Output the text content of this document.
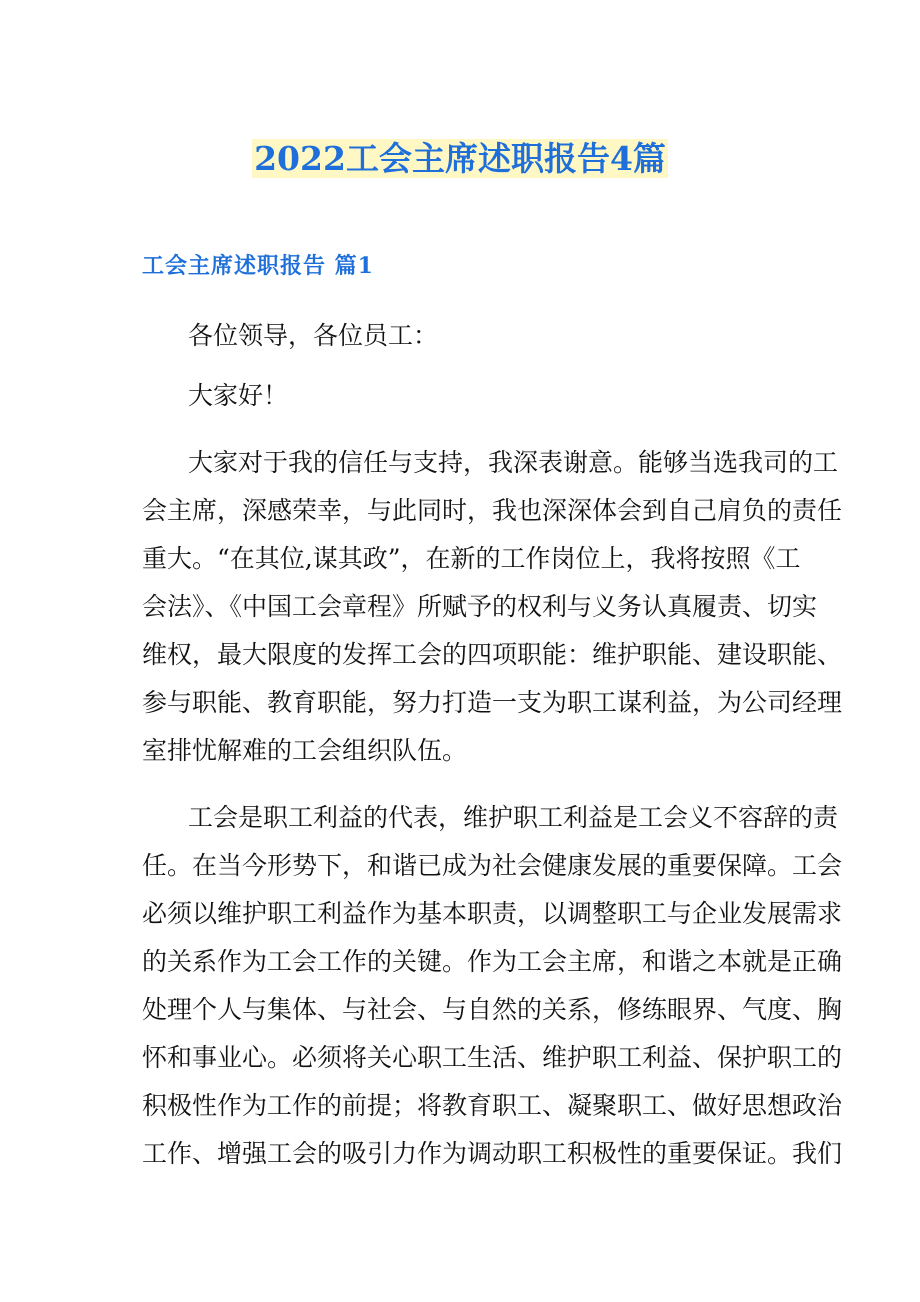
2022工会主席述职报告4篇
工会主席述职报告 篇1
各位领导，各位员工：
大家好！
大家对于我的信任与支持，我深表谢意。能够当选我司的工
会主席，深感荣幸，与此同时，我也深深体会到自己肩负的责任
重大。“在其位,谋其政”，在新的工作岗位上，我将按照《工
会法》、《中国工会章程》所赋予的权利与义务认真履责、切实
维权，最大限度的发挥工会的四项职能：维护职能、建设职能、
参与职能、教育职能，努力打造一支为职工谋利益，为公司经理
室排忧解难的工会组织队伍。
工会是职工利益的代表，维护职工利益是工会义不容辞的责
任。在当今形势下，和谐已成为社会健康发展的重要保障。工会
必须以维护职工利益作为基本职责，以调整职工与企业发展需求
的关系作为工会工作的关键。作为工会主席，和谐之本就是正确
处理个人与集体、与社会、与自然的关系，修练眼界、气度、胸
怀和事业心。必须将关心职工生活、维护职工利益、保护职工的
积极性作为工作的前提；将教育职工、凝聚职工、做好思想政治
工作、增强工会的吸引力作为调动职工积极性的重要保证。我们
